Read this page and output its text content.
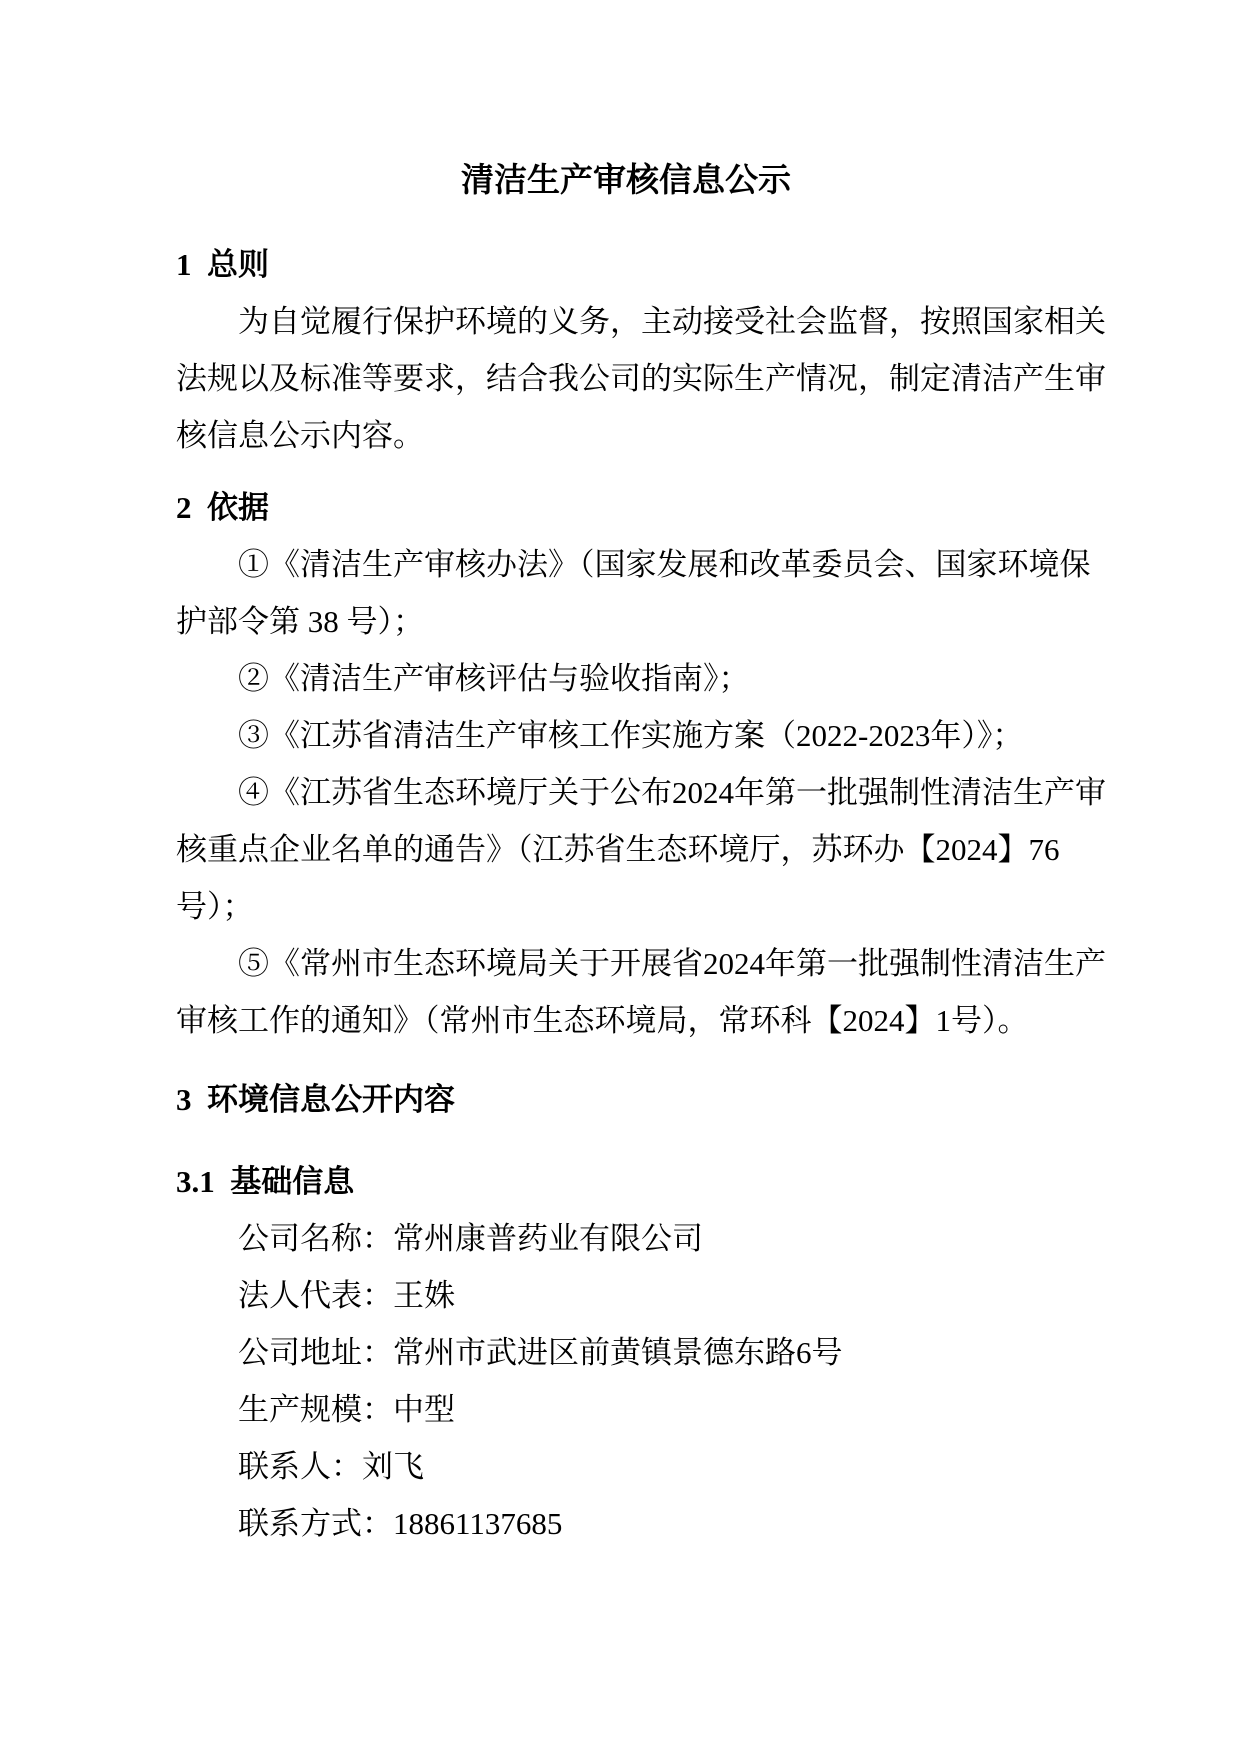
清洁生产审核信息公示
1 总则
为自觉履行保护环境的义务，主动接受社会监督，按照国家相关
法规以及标准等要求，结合我公司的实际生产情况，制定清洁产生审
核信息公示内容。
2 依据
①《清洁生产审核办法》（国家发展和改革委员会、国家环境保
护部令第 38 号）；
②《清洁生产审核评估与验收指南》；
③《江苏省清洁生产审核工作实施方案（2022-2023年）》；
④《江苏省生态环境厅关于公布2024年第一批强制性清洁生产审
核重点企业名单的通告》（江苏省生态环境厅，苏环办【2024】76
号）；
⑤《常州市生态环境局关于开展省2024年第一批强制性清洁生产
审核工作的通知》（常州市生态环境局，常环科【2024】1号）。
3 环境信息公开内容
3.1 基础信息
公司名称：常州康普药业有限公司
法人代表：王姝
公司地址：常州市武进区前黄镇景德东路6号
生产规模：中型
联系人：刘飞
联系方式：18861137685
